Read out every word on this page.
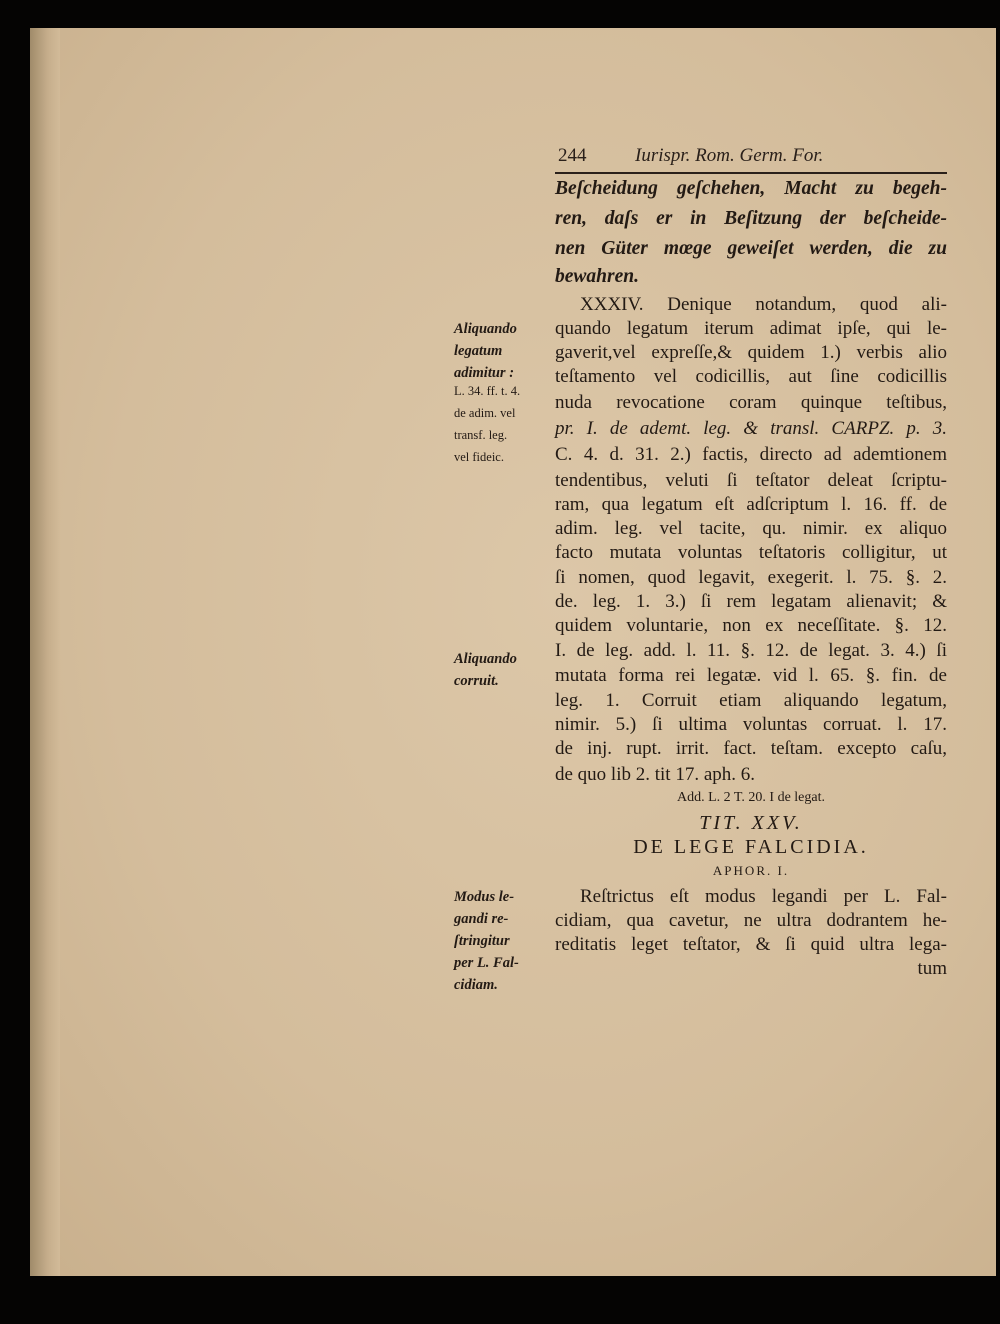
244	Iurispr. Rom. Germ. For.
Beſcheidung geſchehen, Macht zu begeh-
ren, daſs er in Beſitzung der beſcheide-
nen Güter mœge geweiſet werden, die zu
bewahren.
XXXIV. Denique notandum, quod ali-
quando legatum iterum adimat ipſe, qui le-
gaverit,vel expreſſe,& quidem 1.) verbis alio
teſtamento vel codicillis, aut ſine codicillis
nuda revocatione coram quinque teſtibus,
pr. I. de ademt. leg. & transl. CARPZ. p. 3.
C. 4. d. 31. 2.) factis, directo ad ademtionem
tendentibus, veluti ſi teſtator deleat ſcriptu-
ram, qua legatum eſt adſcriptum l. 16. ff. de
adim. leg. vel tacite, qu. nimir. ex aliquo
facto mutata voluntas teſtatoris colligitur, ut
ſi nomen, quod legavit, exegerit. l. 75. §. 2.
de. leg. 1. 3.) ſi rem legatam alienavit; &
quidem voluntarie, non ex neceſſitate. §. 12.
I. de leg. add. l. 11. §. 12. de legat. 3. 4.) ſi
mutata forma rei legatæ. vid l. 65. §. fin. de
leg. 1. Corruit etiam aliquando legatum,
nimir. 5.) ſi ultima voluntas corruat. l. 17.
de inj. rupt. irrit. fact. teſtam. excepto caſu,
de quo lib 2. tit 17. aph. 6.
Add. L. 2 T. 20. I de legat.
TIT. XXV.
DE LEGE FALCIDIA.
APHOR. I.
Reſtrictus eſt modus legandi per L. Fal-
cidiam, qua cavetur, ne ultra dodrantem he-
reditatis leget teſtator, & ſi quid ultra lega-
tum
Aliquando
legatum
adimitur :
L. 34. ff. t. 4.
de adim. vel
transf. leg.
vel fideic.
Aliquando
corruit.
Modus le-
gandi re-
ſtringitur
per L. Fal-
cidiam.
